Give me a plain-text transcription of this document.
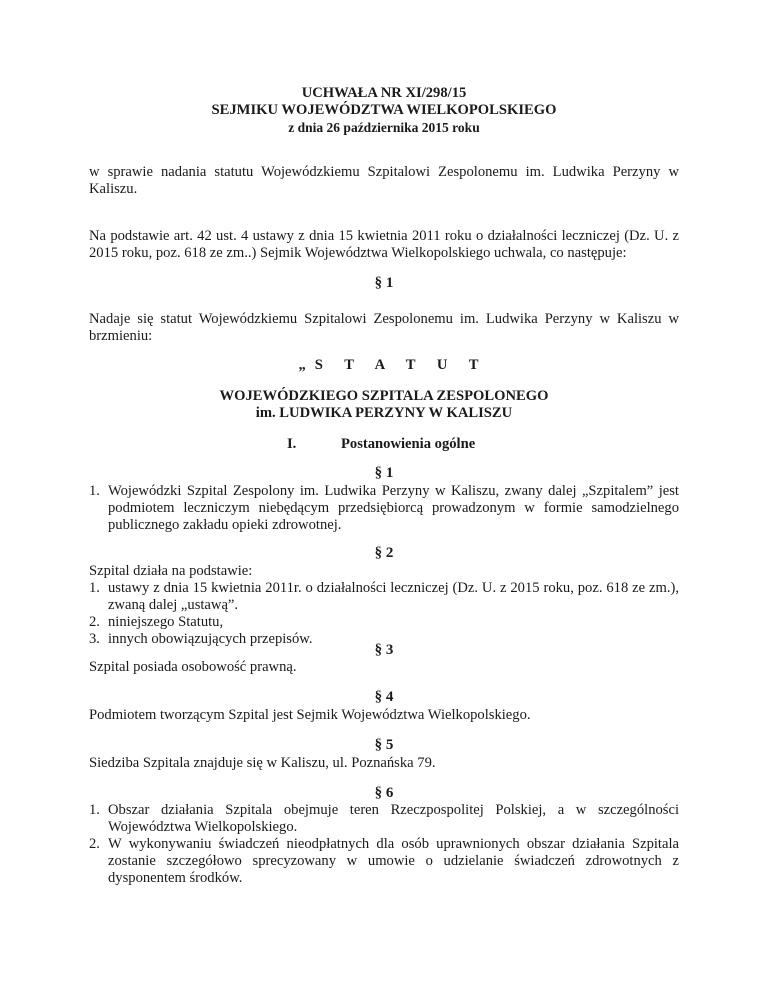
UCHWAŁA NR XI/298/15
SEJMIKU WOJEWÓDZTWA WIELKOPOLSKIEGO
z dnia 26 października 2015 roku

w sprawie nadania statutu Wojewódzkiemu Szpitalowi Zespolonemu im. Ludwika Perzyny w Kaliszu.

Na podstawie art. 42 ust. 4 ustawy z dnia 15 kwietnia 2011 roku o działalności leczniczej (Dz. U. z 2015 roku, poz. 618 ze zm..) Sejmik Województwa Wielkopolskiego uchwala, co następuje:

§ 1

Nadaje się statut Wojewódzkiemu Szpitalowi Zespolonemu im. Ludwika Perzyny w Kaliszu w brzmieniu:

„S T A T U T
WOJEWÓDZKIEGO SZPITALA ZESPOLONEGO
im. LUDWIKA PERZYNY W KALISZU
I.	Postanowienia ogólne
§ 1
1. Wojewódzki Szpital Zespolony im. Ludwika Perzyny w Kaliszu, zwany dalej „Szpitalem” jest podmiotem leczniczym niebędącym przedsiębiorcą prowadzonym w formie samodzielnego publicznego zakładu opieki zdrowotnej.
§ 2
Szpital działa na podstawie:
1. ustawy z dnia 15 kwietnia 2011r. o działalności leczniczej (Dz. U. z 2015 roku, poz. 618 ze zm.), zwaną dalej „ustawą”.
2. niniejszego Statutu,
3. innych obowiązujących przepisów.
§ 3
Szpital posiada osobowość prawną.
§ 4
Podmiotem tworzącym Szpital jest Sejmik Województwa Wielkopolskiego.
§ 5
Siedziba Szpitala znajduje się w Kaliszu, ul. Poznańska 79.
§ 6
1. Obszar działania Szpitala obejmuje teren Rzeczpospolitej Polskiej, a w szczególności Województwa Wielkopolskiego.
2. W wykonywaniu świadczeń nieodpłatnych dla osób uprawnionych obszar działania Szpitala zostanie szczegółowo sprecyzowany w umowie o udzielanie świadczeń zdrowotnych z dysponentem środków.
